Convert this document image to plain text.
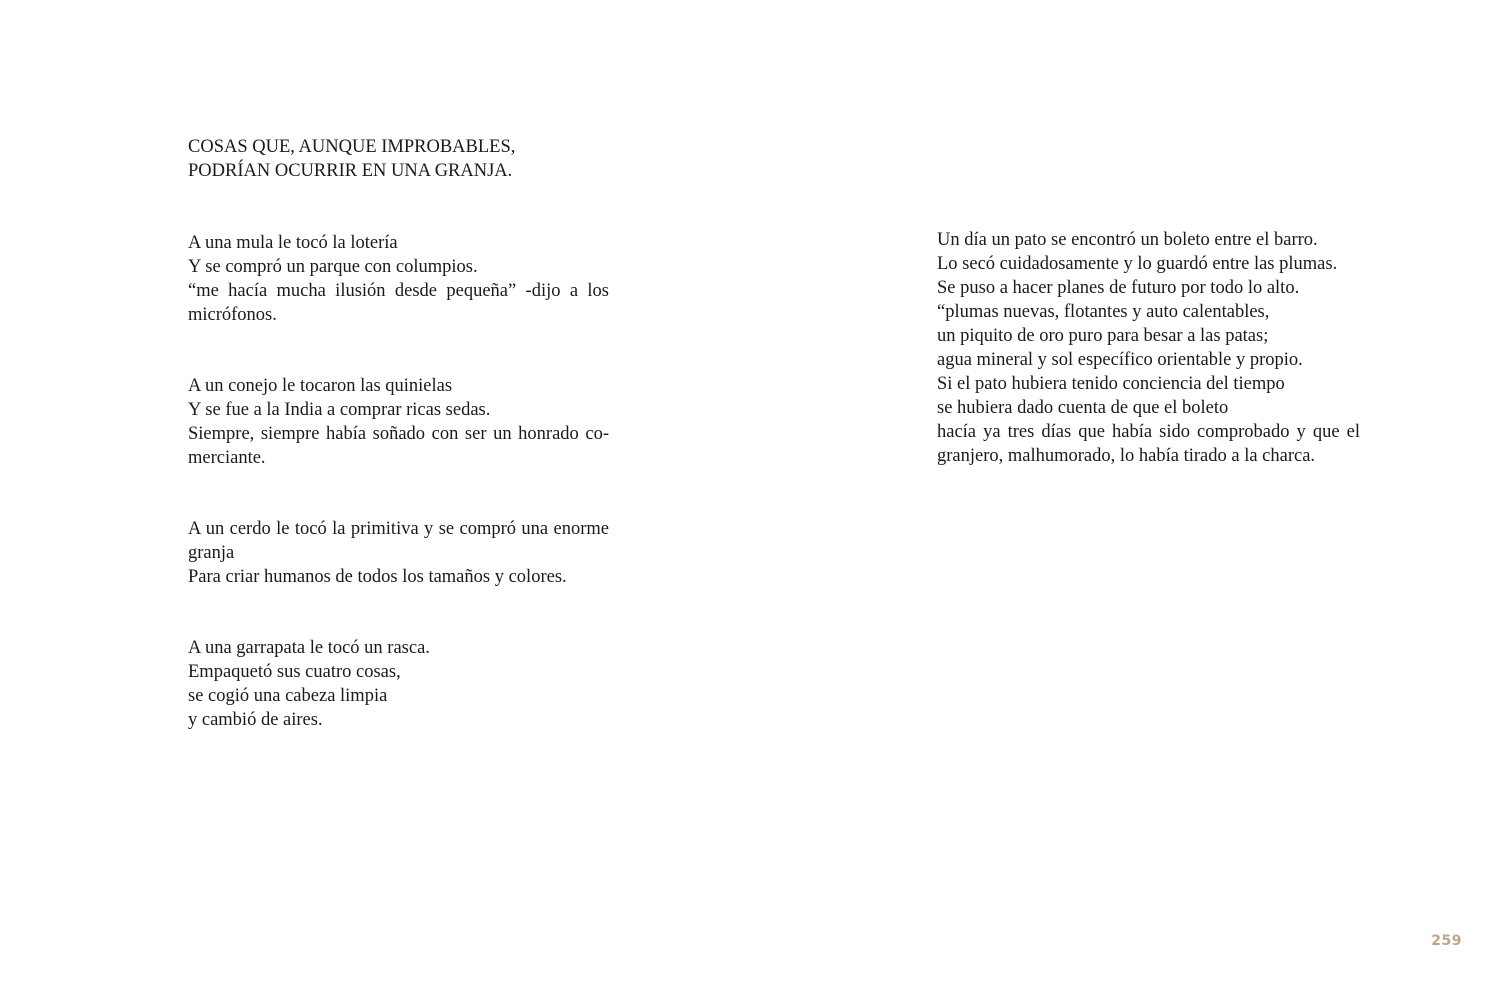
COSAS QUE, AUNQUE IMPROBABLES,
PODRÍAN OCURRIR EN UNA GRANJA.

A una mula le tocó la lotería
Y se compró un parque con columpios.
“me hacía mucha ilusión desde pequeña” -dijo a los
micrófonos.

A un conejo le tocaron las quinielas
Y se fue a la India a comprar ricas sedas.
Siempre, siempre había soñado con ser un honrado co-
merciante.

A un cerdo le tocó la primitiva y se compró una enorme
granja
Para criar humanos de todos los tamaños y colores.

A una garrapata le tocó un rasca.
Empaquetó sus cuatro cosas,
se cogió una cabeza limpia
y cambió de aires.

Un día un pato se encontró un boleto entre el barro.
Lo secó cuidadosamente y lo guardó entre las plumas.
Se puso a hacer planes de futuro por todo lo alto.
“plumas nuevas, flotantes y auto calentables,
un piquito de oro puro para besar a las patas;
agua mineral y sol específico orientable y propio.
Si el pato hubiera tenido conciencia del tiempo
se hubiera dado cuenta de que el boleto
hacía ya tres días que había sido comprobado y que el
granjero, malhumorado, lo había tirado a la charca.

259
